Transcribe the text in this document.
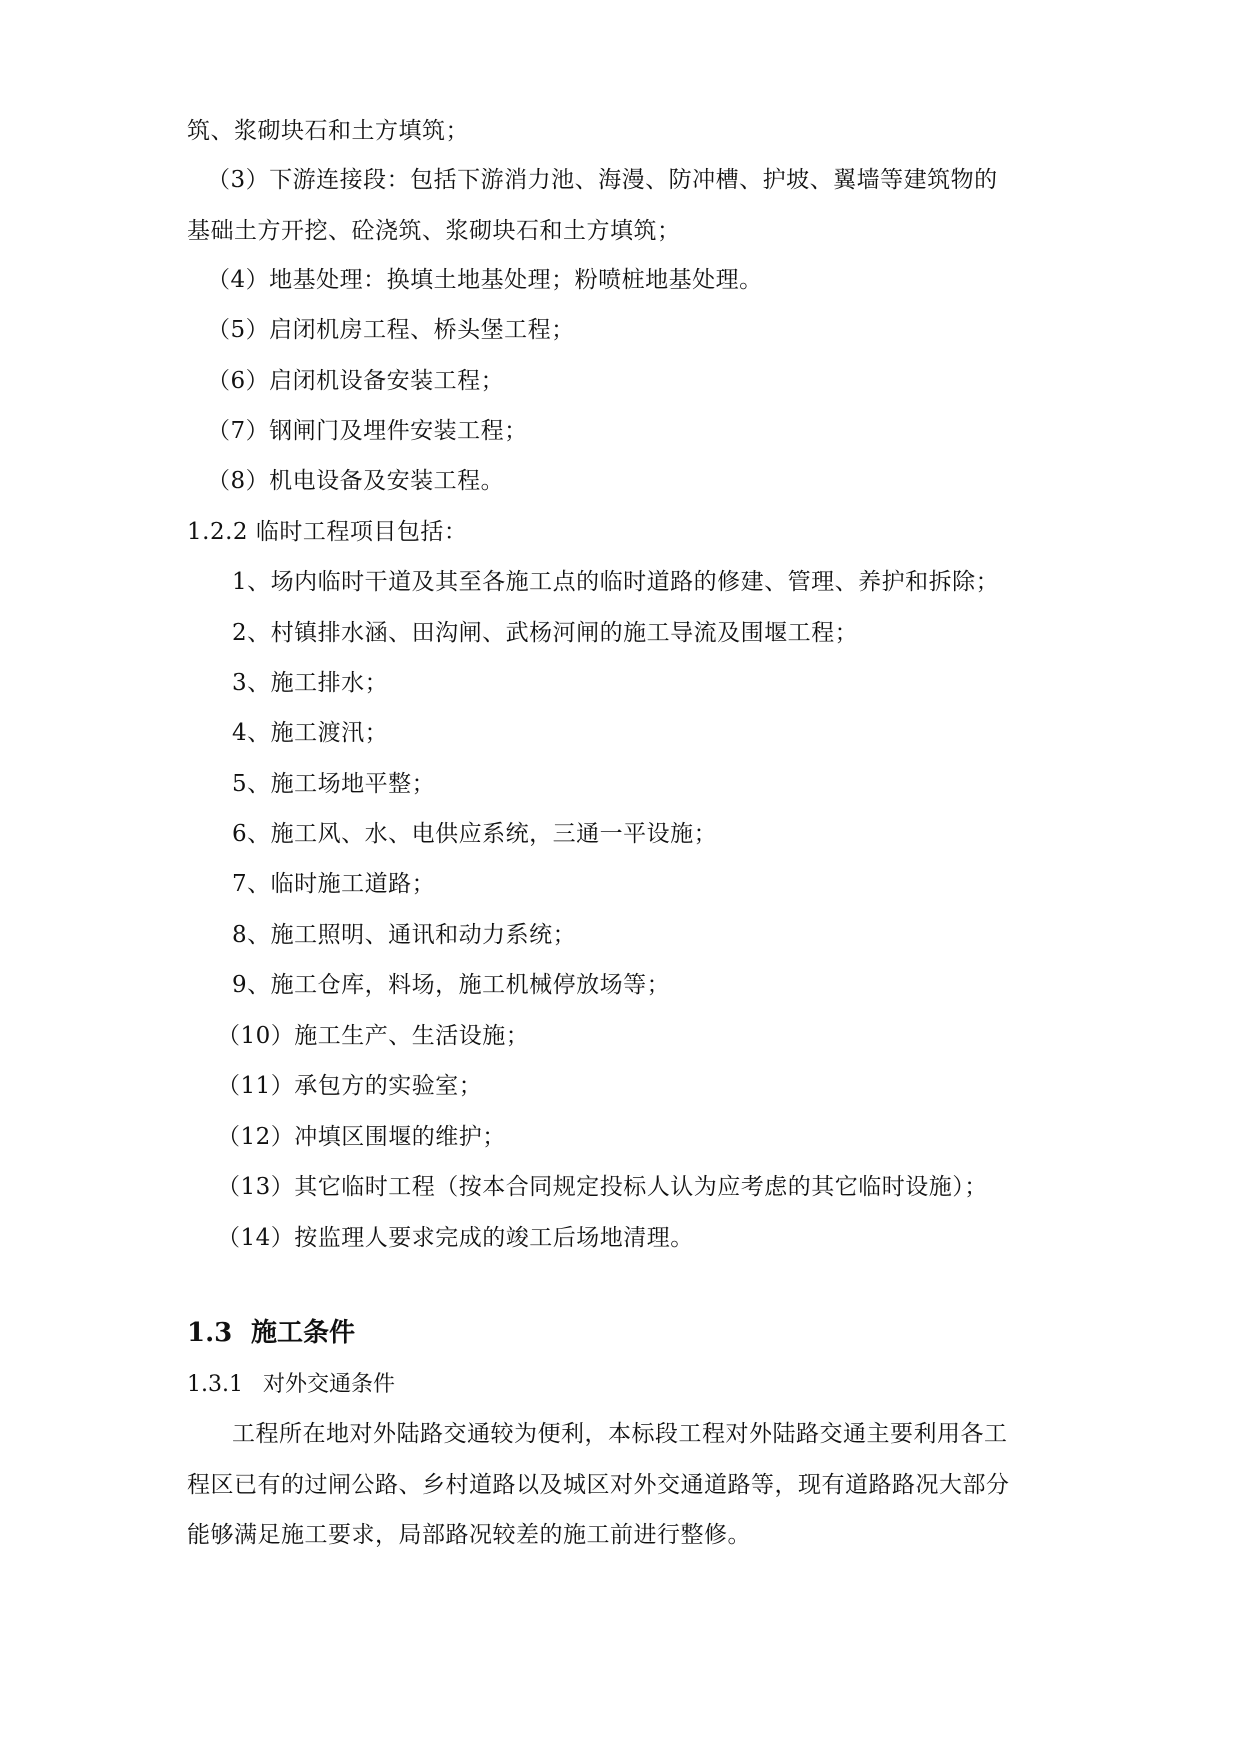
筑、浆砌块石和土方填筑；
（3）下游连接段：包括下游消力池、海漫、防冲槽、护坡、翼墙等建筑物的
基础土方开挖、砼浇筑、浆砌块石和土方填筑；
（4）地基处理：换填土地基处理；粉喷桩地基处理。
（5）启闭机房工程、桥头堡工程；
（6）启闭机设备安装工程；
（7）钢闸门及埋件安装工程；
（8）机电设备及安装工程。
1.2.2 临时工程项目包括：
1、场内临时干道及其至各施工点的临时道路的修建、管理、养护和拆除；
2、村镇排水涵、田沟闸、武杨河闸的施工导流及围堰工程；
3、施工排水；
4、施工渡汛；
5、施工场地平整；
6、施工风、水、电供应系统，三通一平设施；
7、临时施工道路；
8、施工照明、通讯和动力系统；
9、施工仓库，料场，施工机械停放场等；
（10）施工生产、生活设施；
（11）承包方的实验室；
（12）冲填区围堰的维护；
（13）其它临时工程（按本合同规定投标人认为应考虑的其它临时设施）；
（14）按监理人要求完成的竣工后场地清理。
1.3 施工条件
1.3.1 对外交通条件
工程所在地对外陆路交通较为便利，本标段工程对外陆路交通主要利用各工
程区已有的过闸公路、乡村道路以及城区对外交通道路等，现有道路路况大部分
能够满足施工要求，局部路况较差的施工前进行整修。
